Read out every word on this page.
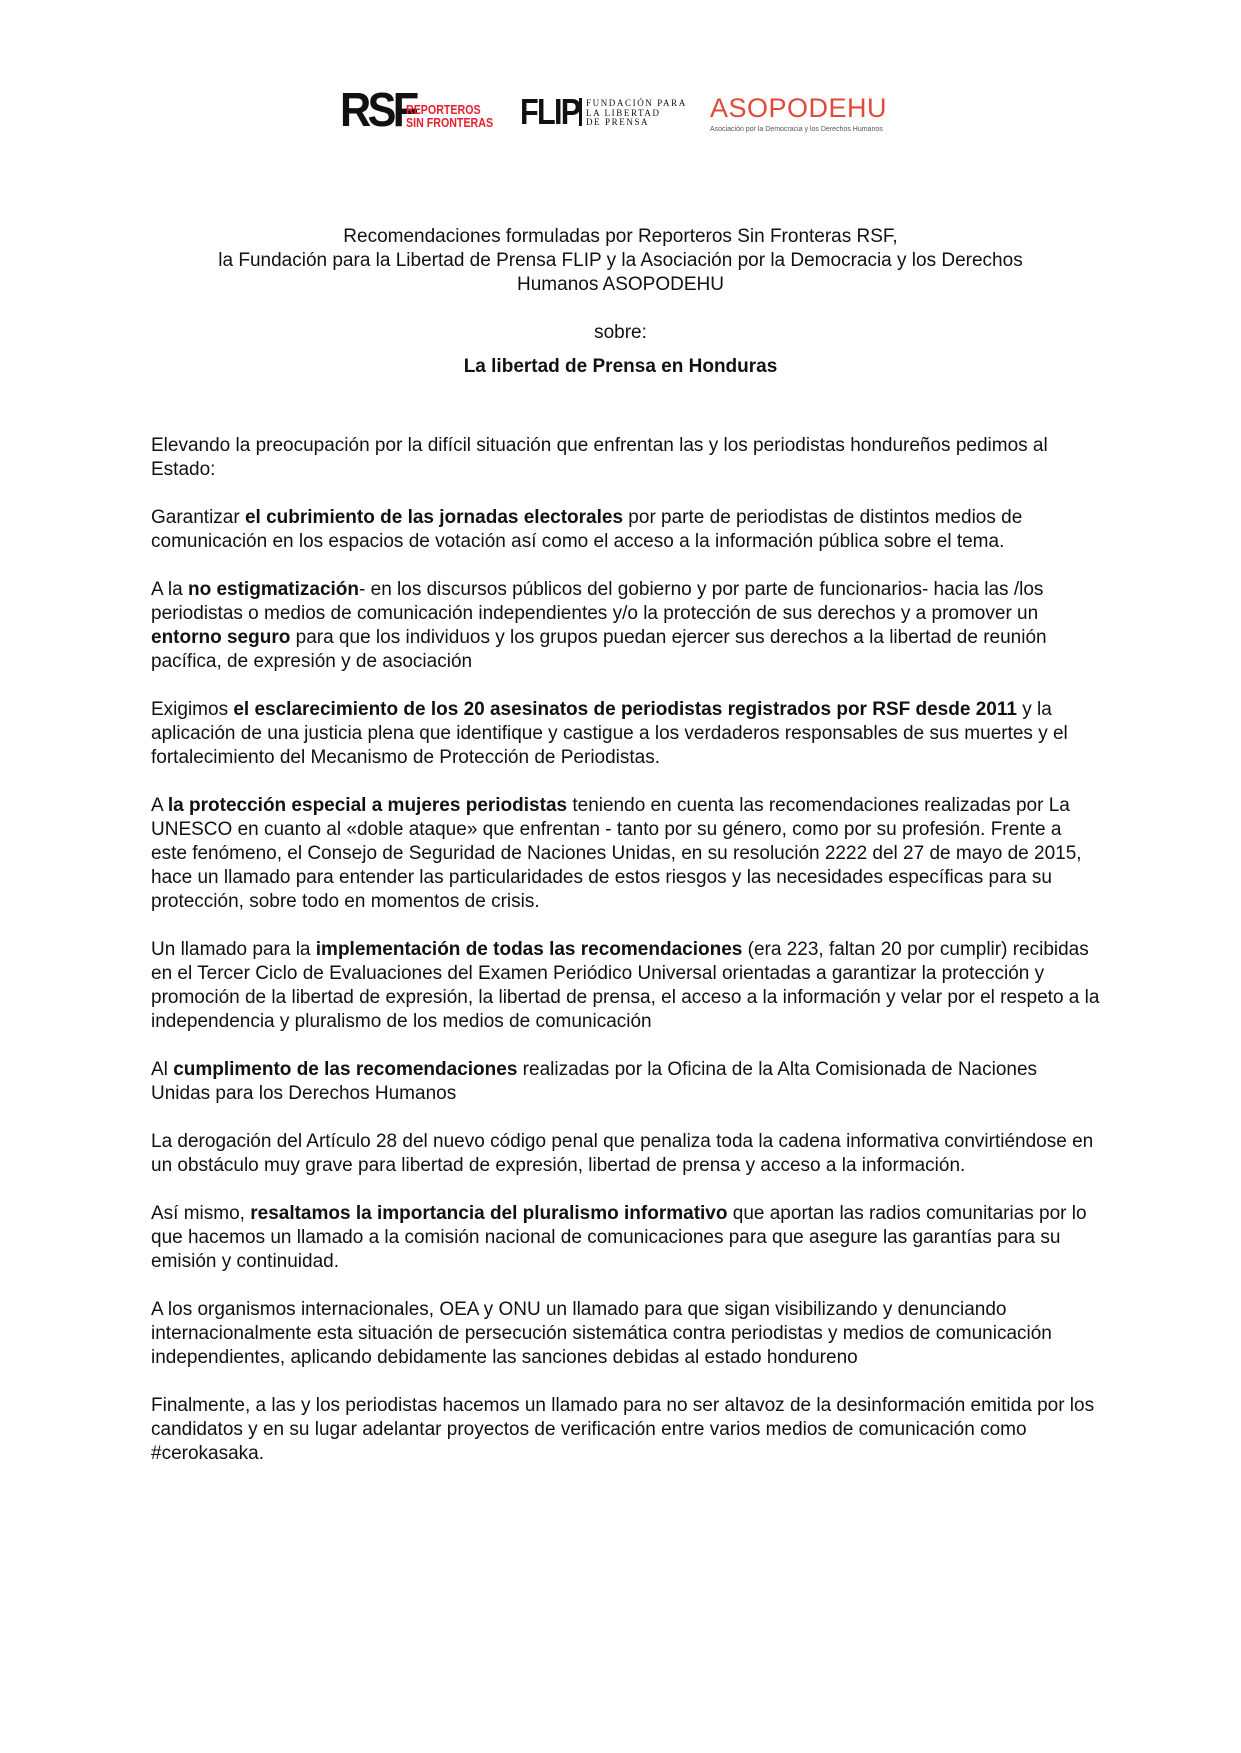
RSF
REPORTEROS
SIN FRONTERAS FLIP FUNDACIÓN PARA
LA LIBERTAD
DE PRENSA	ASOPODEHU
Asociación por la Democracia y los Derechos Humanos

Recomendaciones formuladas por Reporteros Sin Fronteras RSF,

la Fundación para la Libertad de Prensa FLIP y la Asociación por la Democracia y los Derechos

Humanos ASOPODEHU

sobre:

La libertad de Prensa en Honduras

Elevando la preocupación por la difícil situación que enfrentan las y los periodistas hondureños pedimos al Estado:

Garantizar el cubrimiento de las jornadas electorales por parte de periodistas de distintos medios de comunicación en los espacios de votación así como el acceso a la información pública sobre el tema.

A la no estigmatización- en los discursos públicos del gobierno y por parte de funcionarios- hacia las /los periodistas o medios de comunicación independientes y/o la protección de sus derechos y a promover un entorno seguro para que los individuos y los grupos puedan ejercer sus derechos a la libertad de reunión pacífica, de expresión y de asociación

Exigimos el esclarecimiento de los 20 asesinatos de periodistas registrados por RSF desde 2011 y la aplicación de una justicia plena que identifique y castigue a los verdaderos responsables de sus muertes y el fortalecimiento del Mecanismo de Protección de Periodistas.

A la protección especial a mujeres periodistas teniendo en cuenta las recomendaciones realizadas por La UNESCO en cuanto al «doble ataque» que enfrentan - tanto por su género, como por su profesión. Frente a este fenómeno, el Consejo de Seguridad de Naciones Unidas, en su resolución 2222 del 27 de mayo de 2015, hace un llamado para entender las particularidades de estos riesgos y las necesidades específicas para su protección, sobre todo en momentos de crisis.

Un llamado para la implementación de todas las recomendaciones (era 223, faltan 20 por cumplir) recibidas en el Tercer Ciclo de Evaluaciones del Examen Periódico Universal orientadas a garantizar la protección y promoción de la libertad de expresión, la libertad de prensa, el acceso a la información y velar por el respeto a la independencia y pluralismo de los medios de comunicación

Al cumplimento de las recomendaciones realizadas por la Oficina de la Alta Comisionada de Naciones Unidas para los Derechos Humanos

La derogación del Artículo 28 del nuevo código penal que penaliza toda la cadena informativa convirtiéndose en un obstáculo muy grave para libertad de expresión, libertad de prensa y acceso a la información.

Así mismo, resaltamos la importancia del pluralismo informativo que aportan las radios comunitarias por lo que hacemos un llamado a la comisión nacional de comunicaciones para que asegure las garantías para su emisión y continuidad.

A los organismos internacionales, OEA y ONU un llamado para que sigan visibilizando y denunciando internacionalmente esta situación de persecución sistemática contra periodistas y medios de comunicación independientes, aplicando debidamente las sanciones debidas al estado hondureno

Finalmente, a las y los periodistas hacemos un llamado para no ser altavoz de la desinformación emitida por los candidatos y en su lugar adelantar proyectos de verificación entre varios medios de comunicación como #cerokasaka.
